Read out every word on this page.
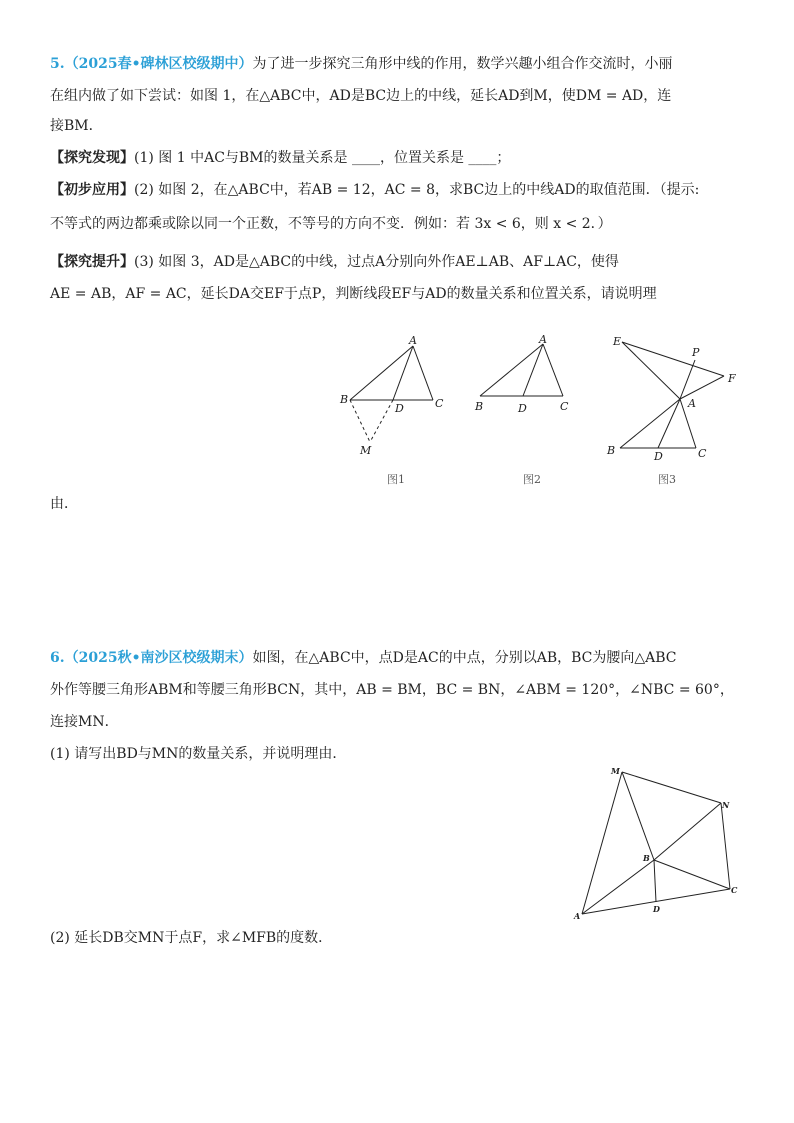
5.（2025春•碑林区校级期中）为了进一步探究三角形中线的作用，数学兴趣小组合作交流时，小丽
在组内做了如下尝试：如图 1，在△ABC中，AD是BC边上的中线，延长AD到M，使DM = AD，连
接BM．
【探究发现】(1) 图 1 中AC与BM的数量关系是 ____，位置关系是 ____；
【初步应用】(2) 如图 2，在△ABC中，若AB = 12，AC = 8，求BC边上的中线AD的取值范围．（提示:
不等式的两边都乘或除以同一个正数，不等号的方向不变．例如：若 3x < 6，则 x < 2．）
【探究提升】(3) 如图 3，AD是△ABC的中线，过点A分别向外作AE⊥AB、AF⊥AC，使得
AE = AB，AF = AC，延长DA交EF于点P，判断线段EF与AD的数量关系和位置关系，请说明理
由．
A
B	C
D
M
图1
A
B	C
D
图2
E
P
F
A
B	D	C
图3
6.（2025秋•南沙区校级期末）如图，在△ABC中，点D是AC的中点，分别以AB，BC为腰向△ABC
外作等腰三角形ABM和等腰三角形BCN，其中，AB = BM，BC = BN，∠ABM = 120°，∠NBC = 60°，
连接MN．
(1) 请写出BD与MN的数量关系，并说明理由．
(2) 延长DB交MN于点F，求∠MFB的度数．
M
N
B
C
A
D
